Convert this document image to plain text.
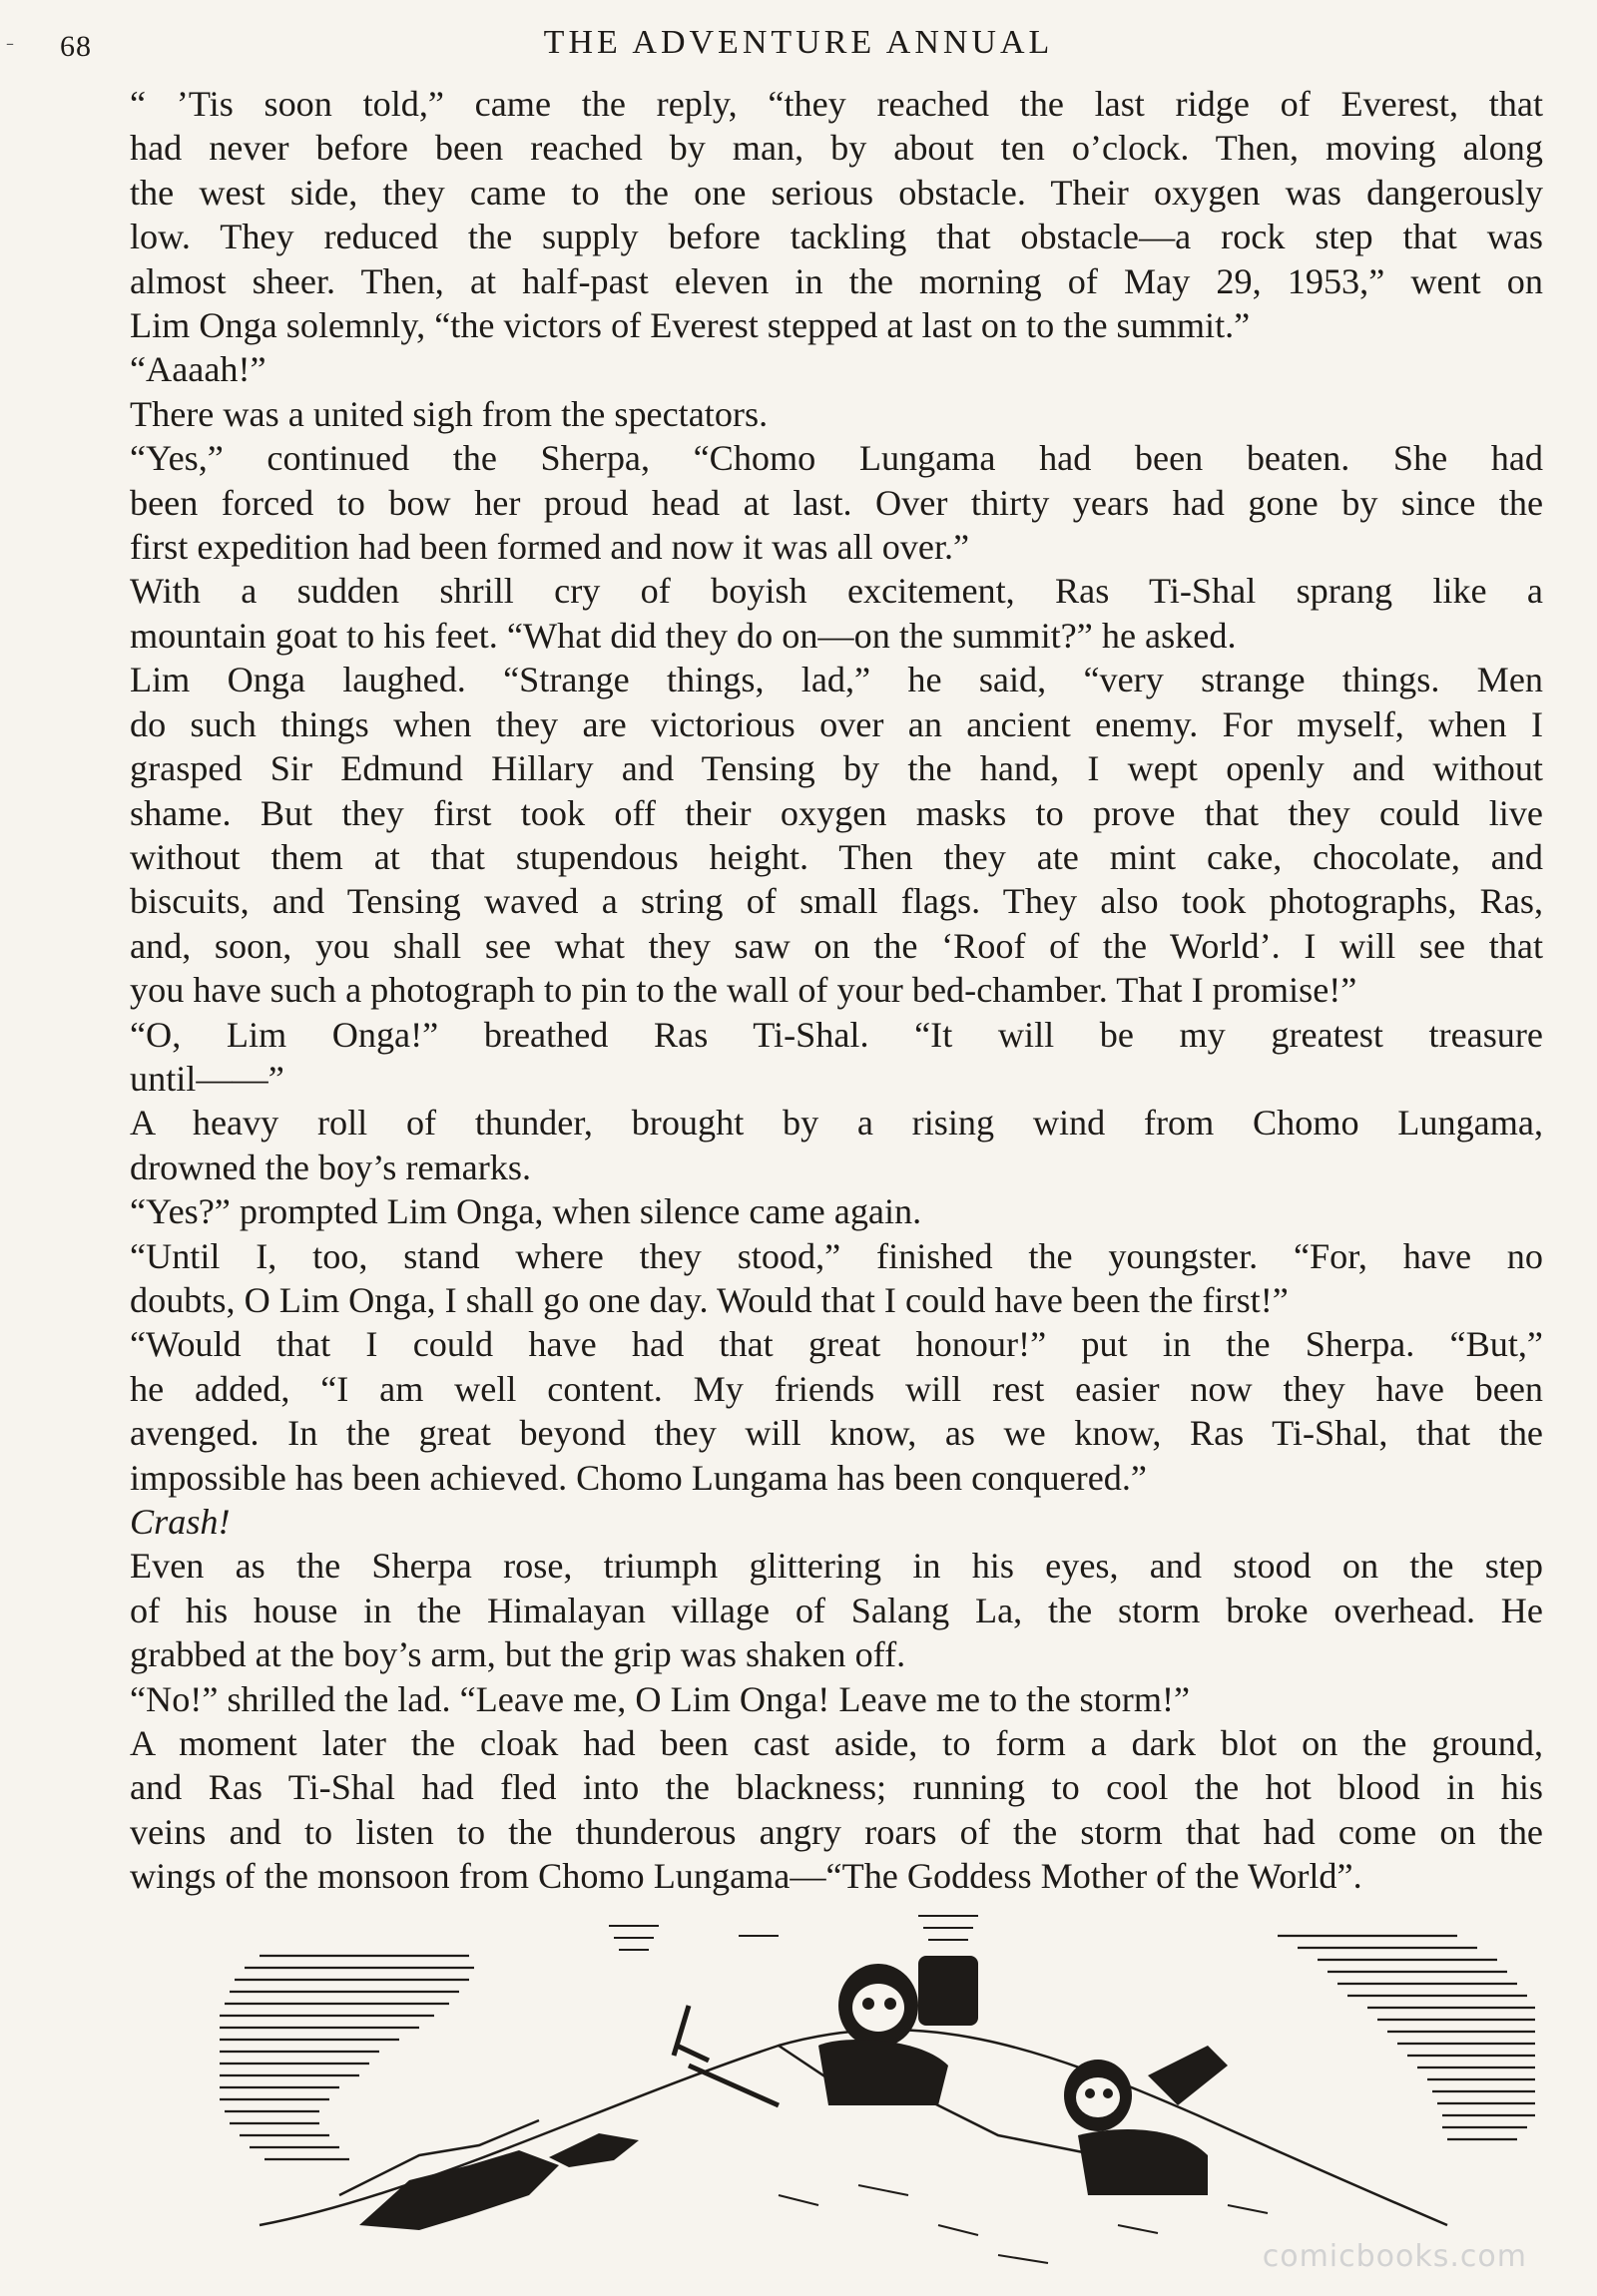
– 68	THE ADVENTURE ANNUAL

“ ’Tis soon told,” came the reply, “they reached the last ridge of Everest, that
had never before been reached by man, by about ten o’clock. Then, moving along
the west side, they came to the one serious obstacle. Their oxygen was dangerously
low. They reduced the supply before tackling that obstacle—a rock step that was
almost sheer. Then, at half-past eleven in the morning of May 29, 1953,” went on
Lim Onga solemnly, “the victors of Everest stepped at last on to the summit.”

“Aaaah!”

There was a united sigh from the spectators.

“Yes,” continued the Sherpa, “Chomo Lungama had been beaten. She had
been forced to bow her proud head at last. Over thirty years had gone by since the
first expedition had been formed and now it was all over.”

With a sudden shrill cry of boyish excitement, Ras Ti-Shal sprang like a
mountain goat to his feet. “What did they do on—on the summit?” he asked.

Lim Onga laughed. “Strange things, lad,” he said, “very strange things. Men
do such things when they are victorious over an ancient enemy. For myself, when I
grasped Sir Edmund Hillary and Tensing by the hand, I wept openly and without
shame. But they first took off their oxygen masks to prove that they could live
without them at that stupendous height. Then they ate mint cake, chocolate, and
biscuits, and Tensing waved a string of small flags. They also took photographs, Ras,
and, soon, you shall see what they saw on the ‘Roof of the World’. I will see that
you have such a photograph to pin to the wall of your bed-chamber. That I promise!”

“O, Lim Onga!” breathed Ras Ti-Shal. “It will be my greatest treasure
until——”

A heavy roll of thunder, brought by a rising wind from Chomo Lungama,
drowned the boy’s remarks.

“Yes?” prompted Lim Onga, when silence came again.

“Until I, too, stand where they stood,” finished the youngster. “For, have no
doubts, O Lim Onga, I shall go one day. Would that I could have been the first!”

“Would that I could have had that great honour!” put in the Sherpa. “But,”
he added, “I am well content. My friends will rest easier now they have been
avenged. In the great beyond they will know, as we know, Ras Ti-Shal, that the
impossible has been achieved. Chomo Lungama has been conquered.”

Crash!

Even as the Sherpa rose, triumph glittering in his eyes, and stood on the step
of his house in the Himalayan village of Salang La, the storm broke overhead. He
grabbed at the boy’s arm, but the grip was shaken off.

“No!” shrilled the lad. “Leave me, O Lim Onga! Leave me to the storm!”

A moment later the cloak had been cast aside, to form a dark blot on the ground,
and Ras Ti-Shal had fled into the blackness; running to cool the hot blood in his
veins and to listen to the thunderous angry roars of the storm that had come on the
wings of the monsoon from Chomo Lungama—“The Goddess Mother of the World”.

comicbooks.com
